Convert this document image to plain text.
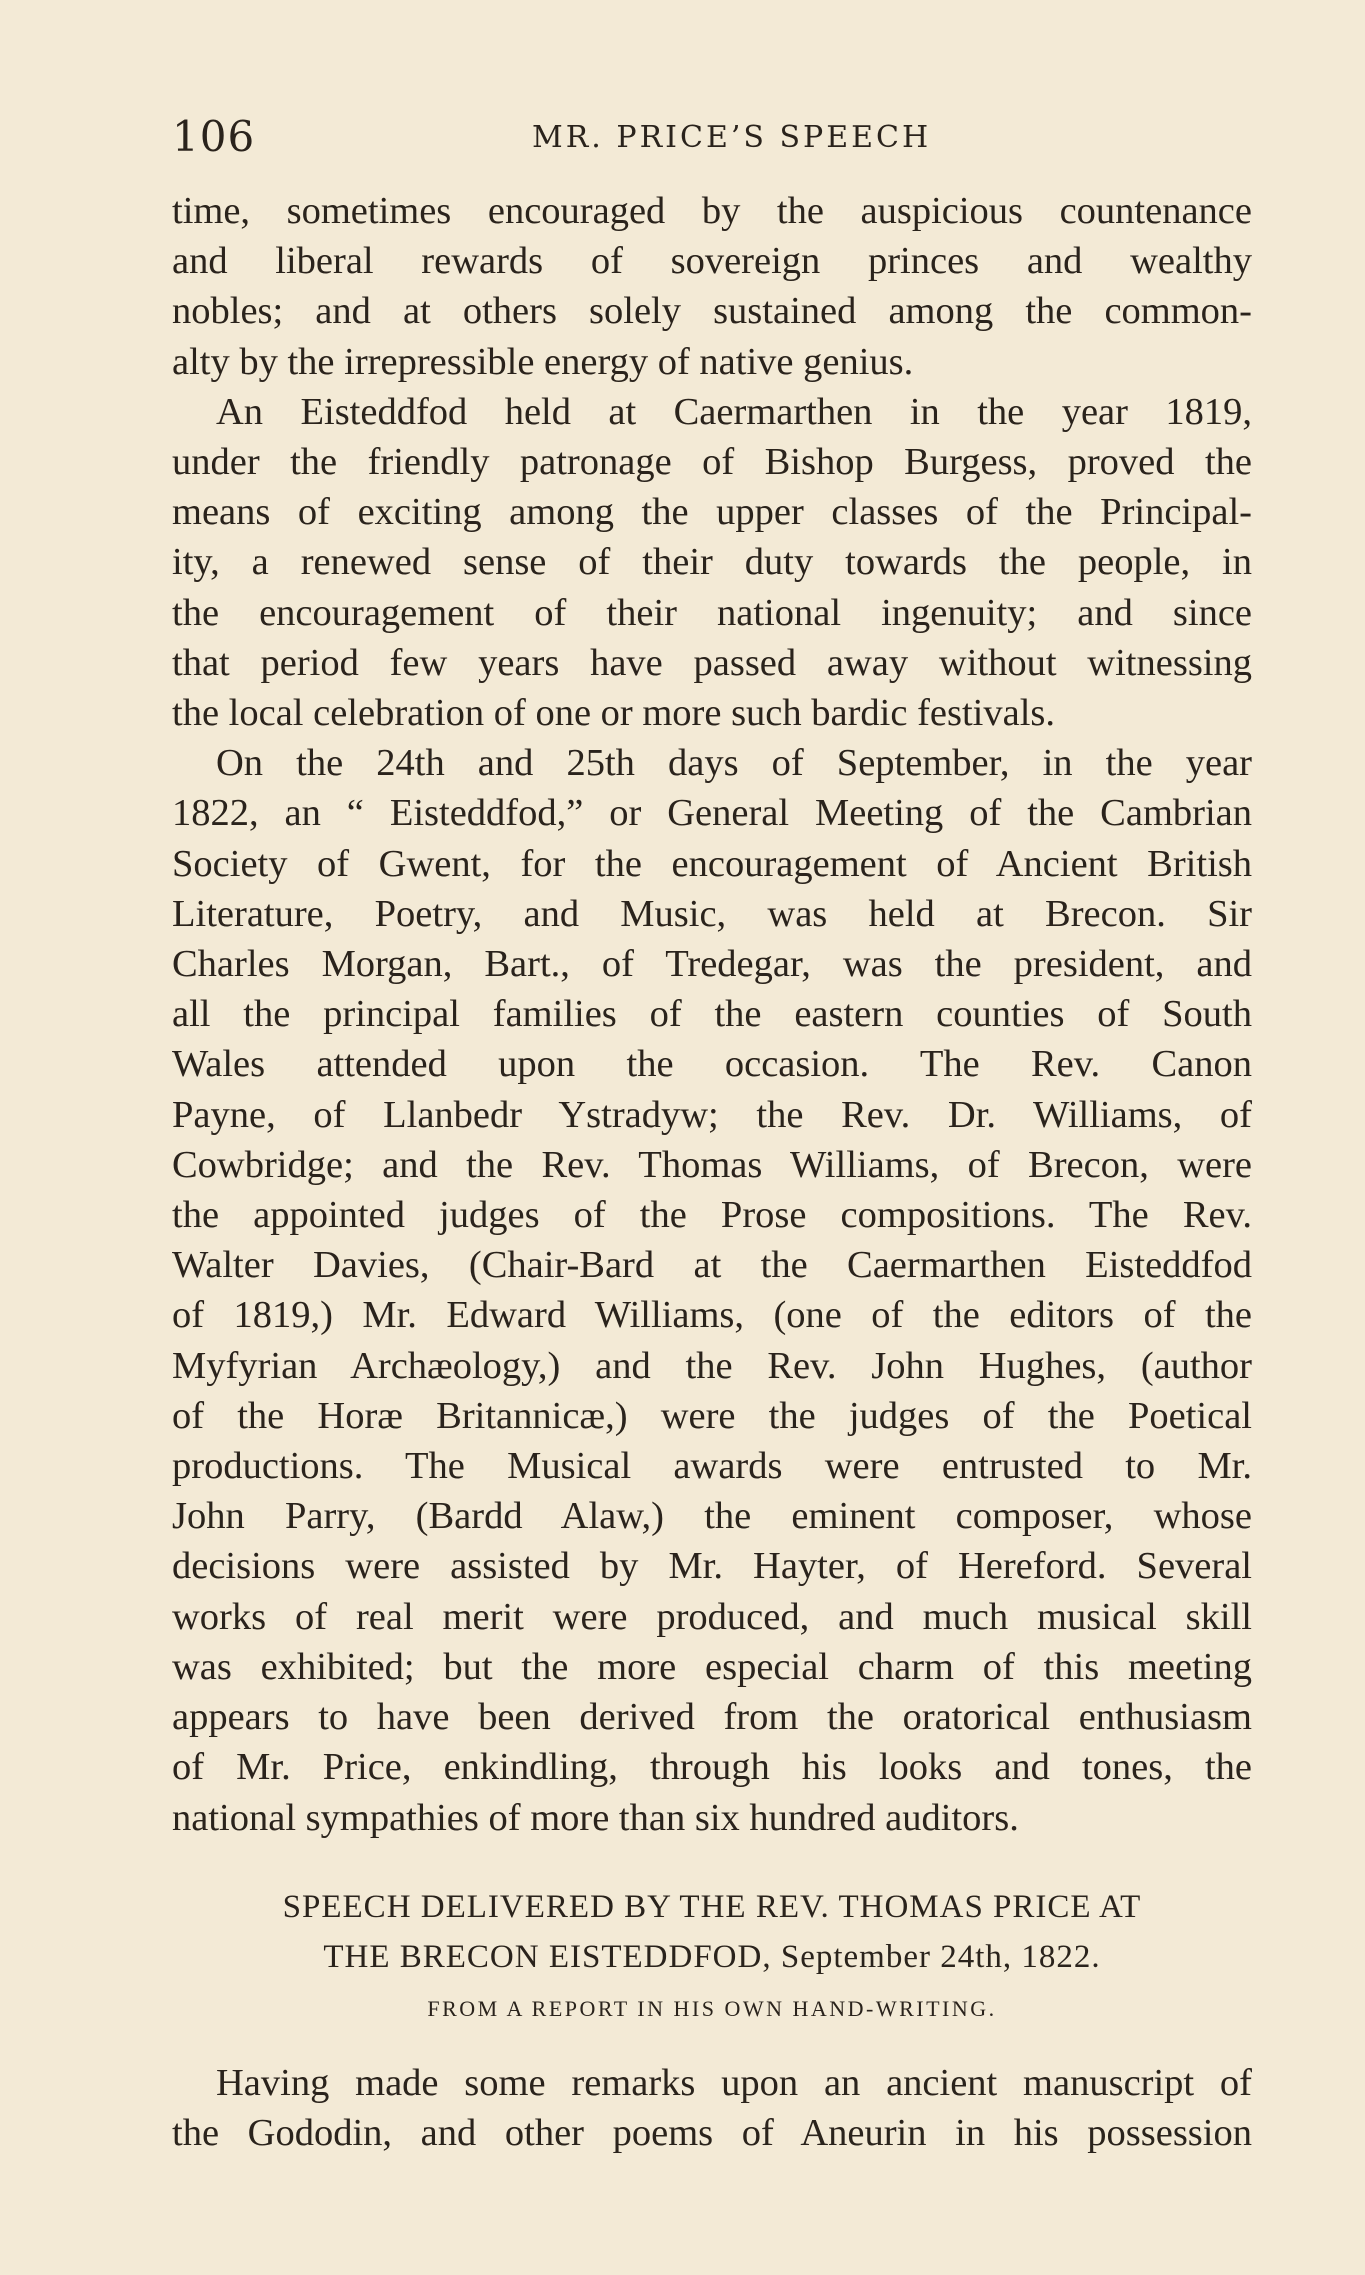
106	MR. PRICE’S SPEECH

time, sometimes encouraged by the auspicious countenance
and liberal rewards of sovereign princes and wealthy
nobles; and at others solely sustained among the common-
alty by the irrepressible energy of native genius.

An Eisteddfod held at Caermarthen in the year 1819,
under the friendly patronage of Bishop Burgess, proved the
means of exciting among the upper classes of the Principal-
ity, a renewed sense of their duty towards the people, in
the encouragement of their national ingenuity; and since
that period few years have passed away without witnessing
the local celebration of one or more such bardic festivals.

On the 24th and 25th days of September, in the year
1822, an “ Eisteddfod,” or General Meeting of the Cambrian
Society of Gwent, for the encouragement of Ancient British
Literature, Poetry, and Music, was held at Brecon. Sir
Charles Morgan, Bart., of Tredegar, was the president, and
all the principal families of the eastern counties of South
Wales attended upon the occasion. The Rev. Canon
Payne, of Llanbedr Ystradyw; the Rev. Dr. Williams, of
Cowbridge; and the Rev. Thomas Williams, of Brecon, were
the appointed judges of the Prose compositions. The Rev.
Walter Davies, (Chair-Bard at the Caermarthen Eisteddfod
of 1819,) Mr. Edward Williams, (one of the editors of the
Myfyrian Archæology,) and the Rev. John Hughes, (author
of the Horæ Britannicæ,) were the judges of the Poetical
productions. The Musical awards were entrusted to Mr.
John Parry, (Bardd Alaw,) the eminent composer, whose
decisions were assisted by Mr. Hayter, of Hereford. Several
works of real merit were produced, and much musical skill
was exhibited; but the more especial charm of this meeting
appears to have been derived from the oratorical enthusiasm
of Mr. Price, enkindling, through his looks and tones, the
national sympathies of more than six hundred auditors.

SPEECH DELIVERED BY THE REV. THOMAS PRICE AT
THE BRECON EISTEDDFOD, September 24th, 1822.
FROM A REPORT IN HIS OWN HAND-WRITING.
Having made some remarks upon an ancient manuscript of
the Gododin, and other poems of Aneurin in his possession
